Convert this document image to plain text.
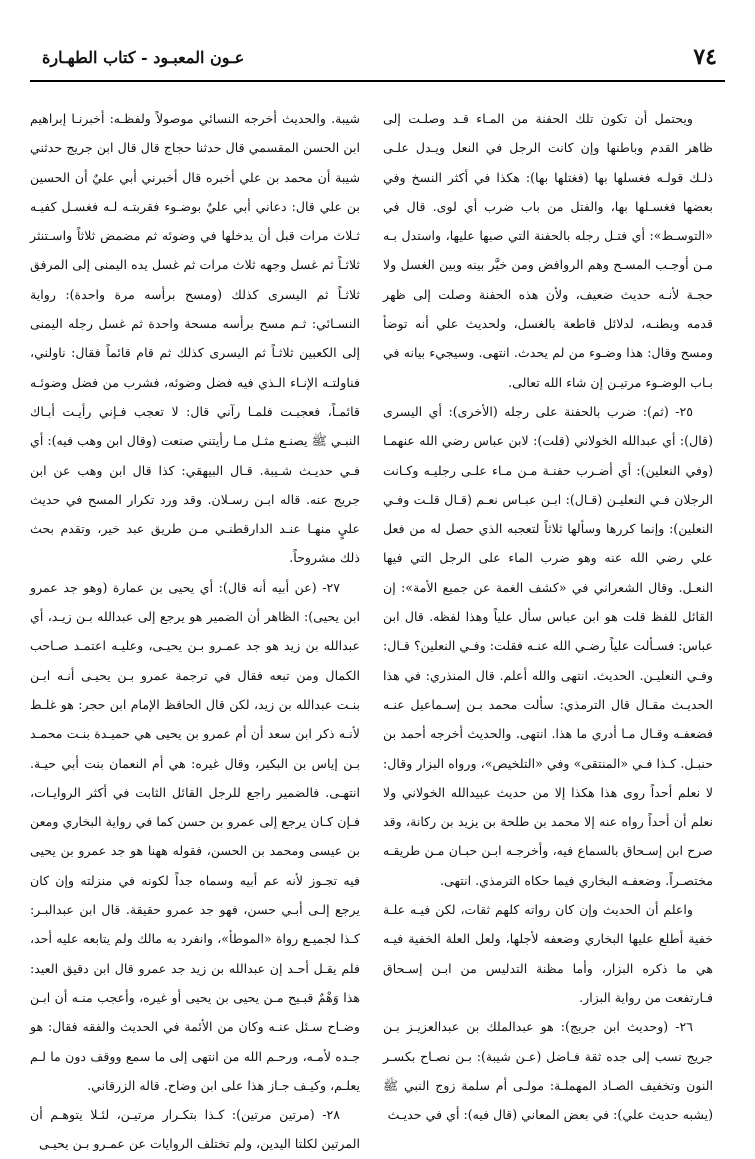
٧٤
عـون المعبـود - كتاب الطهـارة

ويحتمل أن تكون تلك الحفنة من المـاء قـد وصلـت إلى ظاهر القدم وباطنها وإن كانت الرجل في النعل ويـدل علـى ذلـك قولـه فغسلها بها (فغتلها بها): هكذا في أكثر النسخ وفي بعضها فغسـلها بها، والفتل من باب ضرب أي لوى. قال في «التوسـط»: أي فتـل رجله بالحفنة التي صبها عليها، واستدل بـه مـن أوجـب المسـح وهم الروافض ومن خيَّر بينه وبين الغسل ولا حجـة لأنـه حديث ضعيف، ولأن هذه الحفنة وصلت إلى ظهر قدمه وبطنـه، لدلائل قاطعة بالغسل، ولحديث علي أنه توضأ ومسح وقال: هذا وضـوء من لم يحدث. انتهى. وسيجيء بيانه في بـاب الوضـوء مرتيـن إن شاء الله تعالى.

٢٥- (ثم): ضرب بالحفنة على رجله (الأخرى): أي اليسرى (قال): أي عبدالله الخولاني (قلت): لابن عباس رضي الله عنهمـا (وفي النعلين): أي أضـرب حفنـة مـن مـاء علـى رجليـه وكـانت الرجلان فـي النعليـن (قـال): ابـن عبـاس نعـم (قـال قلـت وفـي النعلين): وإنما كررها وسألها ثلاثاً لتعجبه الذي حصل له من فعل علي رضي الله عنه وهو ضرب الماء على الرجل التي فيها النعـل. وقال الشعراني في «كشف الغمة عن جميع الأمة»: إن القائل للفظ قلت هو ابن عباس سأل علياً وهذا لفظه. قال ابن عباس: فسـألت علياً رضـي الله عنـه فقلت: وفـي النعلين؟ قـال: وفـي النعليـن. الحديث. انتهى والله أعلم. قال المنذري: في هذا الحديـث مقـال قال الترمذي: سألت محمد بـن إسـماعيل عنـه فضعفـه وقـال مـا أدري ما هذا. انتهى. والحديث أخرجه أحمد بن حنبـل. كـذا فـي «المنتقى» وفي «التلخيص»، ورواه البزار وقال: لا نعلم أحداً روى هذا هكذا إلا من حديث عبيدالله الخولاني ولا نعلم أن أحداً رواه عنه إلا محمد بن طلحة بن يزيد بن ركانة، وقد صرح ابن إسـحاق بالسماع فيه، وأخرجـه ابـن حبـان مـن طريقـه مختصـراً. وضعفـه البخاري فيما حكاه الترمذي. انتهى.

واعلم أن الحديث وإن كان رواته كلهم ثقات، لكن فيـه علـة خفية أطلع عليها البخاري وضعفه لأجلها، ولعل العلة الخفية فيـه هي ما ذكره البزار، وأما مظنة التدليس من ابـن إسـحاق فـارتفعت من رواية البزار.

٢٦- (وحديث ابن جريج): هو عبدالملك بن عبدالعزيـز بـن جريج نسب إلى جده ثقة فـاضل (عـن شيبة): بـن نصـاح بكسـر النون وتخفيف الصـاد المهملـة: مولـى أم سلمة زوج النبي ﷺ (يشبه حديث علي): في بعض المعاني (قال فيه): أي في حديـث

شيبة. والحديث أخرجه النسائي موصولاً ولفظـه: أخبرنـا إبراهيم ابن الحسن المقسمي قال حدثنا حجاج قال قال ابن جريج حدثني شيبة أن محمد بن علي أخبره قال أخبرني أبي عليٌ أن الحسين بن علي قال: دعاني أبي عليٌ بوضـوء فقربتـه لـه فغسـل كفيـه ثـلاث مرات قبل أن يدخلها في وضوئه ثم مضمض ثلاثاً واسـتنثر ثلاثـاً ثم غسل وجهه ثلاث مرات ثم غسل يده اليمنى إلى المرفق ثلاثـاً ثم اليسرى كذلك (ومسح برأسه مرة واحدة): رواية النسـائي: ثـم مسح برأسه مسحة واحدة ثم غسل رجله اليمنى إلى الكعبين ثلاثـاً ثم اليسرى كذلك ثم قام قائماً فقال: ناولني، فناولتـه الإنـاء الـذي فيه فضل وضوئه، فشرب من فضل وضوئـه قائمـاً، فعجبـت فلمـا رآني قال: لا تعجب فـإني رأيـت أبـاك النبـي ﷺ يصنـع مثـل مـا رأيتني صنعت (وقال ابن وهب فيه): أي فـي حديـث شـيبة. قـال البيهقي: كذا قال ابن وهب عن ابن جريج عنه. قاله ابـن رسـلان. وقد ورد تكرار المسح في حديث عليٍ منهـا عنـد الدارقطنـي مـن طريق عبد خير، وتقدم بحث ذلك مشروحاً.

٢٧- (عن أبيه أنه قال): أي يحيى بن عمارة (وهو جد عمرو ابن يحيى): الظاهر أن الضمير هو يرجع إلى عبدالله بـن زيـد، أي عبدالله بن زيد هو جد عمـرو بـن يحيـى، وعليـه اعتمـد صـاحب الكمال ومن تبعه فقال في ترجمة عمرو بـن يحيـى أنـه ابـن بنـت عبدالله بن زيد، لكن قال الحافظ الإمام ابن حجر: هو غلـط لأنـه ذكر ابن سعد أن أم عمرو بن يحيى هي حميـدة بنـت محمـد بـن إياس بن البكير، وقال غيره: هي أم النعمان بنت أبي حيـة. انتهـى. فالضمير راجع للرجل القائل الثابت في أكثر الروايـات، فـإن كـان يرجع إلى عمرو بن حسن كما في رواية البخاري ومعن بن عيسى ومحمد بن الحسن، فقوله ههنا هو جد عمرو بن يحيى فيه تجـوز لأنه عم أبيه وسماه جداً لكونه في منزلته وإن كان يرجع إلـى أبـي حسن، فهو جد عمرو حقيقة. قال ابن عبدالبـر: كـذا لجميـع رواة «الموطأ»، وانفرد به مالك ولم يتابعه عليه أحد، فلم يقـل أحـد إن عبدالله بن زيد جد عمرو قال ابن دقيق العيد: هذا وَهْمٌ قبـيح مـن يحيى بن يحيى أو غيره، وأعجب منـه أن ابـن وضـاح سـئل عنـه وكان من الأئمة في الحديث والفقه فقال: هو جـده لأمـه، ورحـم الله من انتهى إلى ما سمع ووقف دون ما لـم يعلـم، وكيـف جـاز هذا على ابن وضاح. قاله الزرقاني.

٢٨- (مرتين مرتين): كـذا بتكـرار مرتيـن، لئـلا يتوهـم أن المرتين لكلتا اليدين، ولم تختلف الروايات عن عمـرو بـن يحيـى
